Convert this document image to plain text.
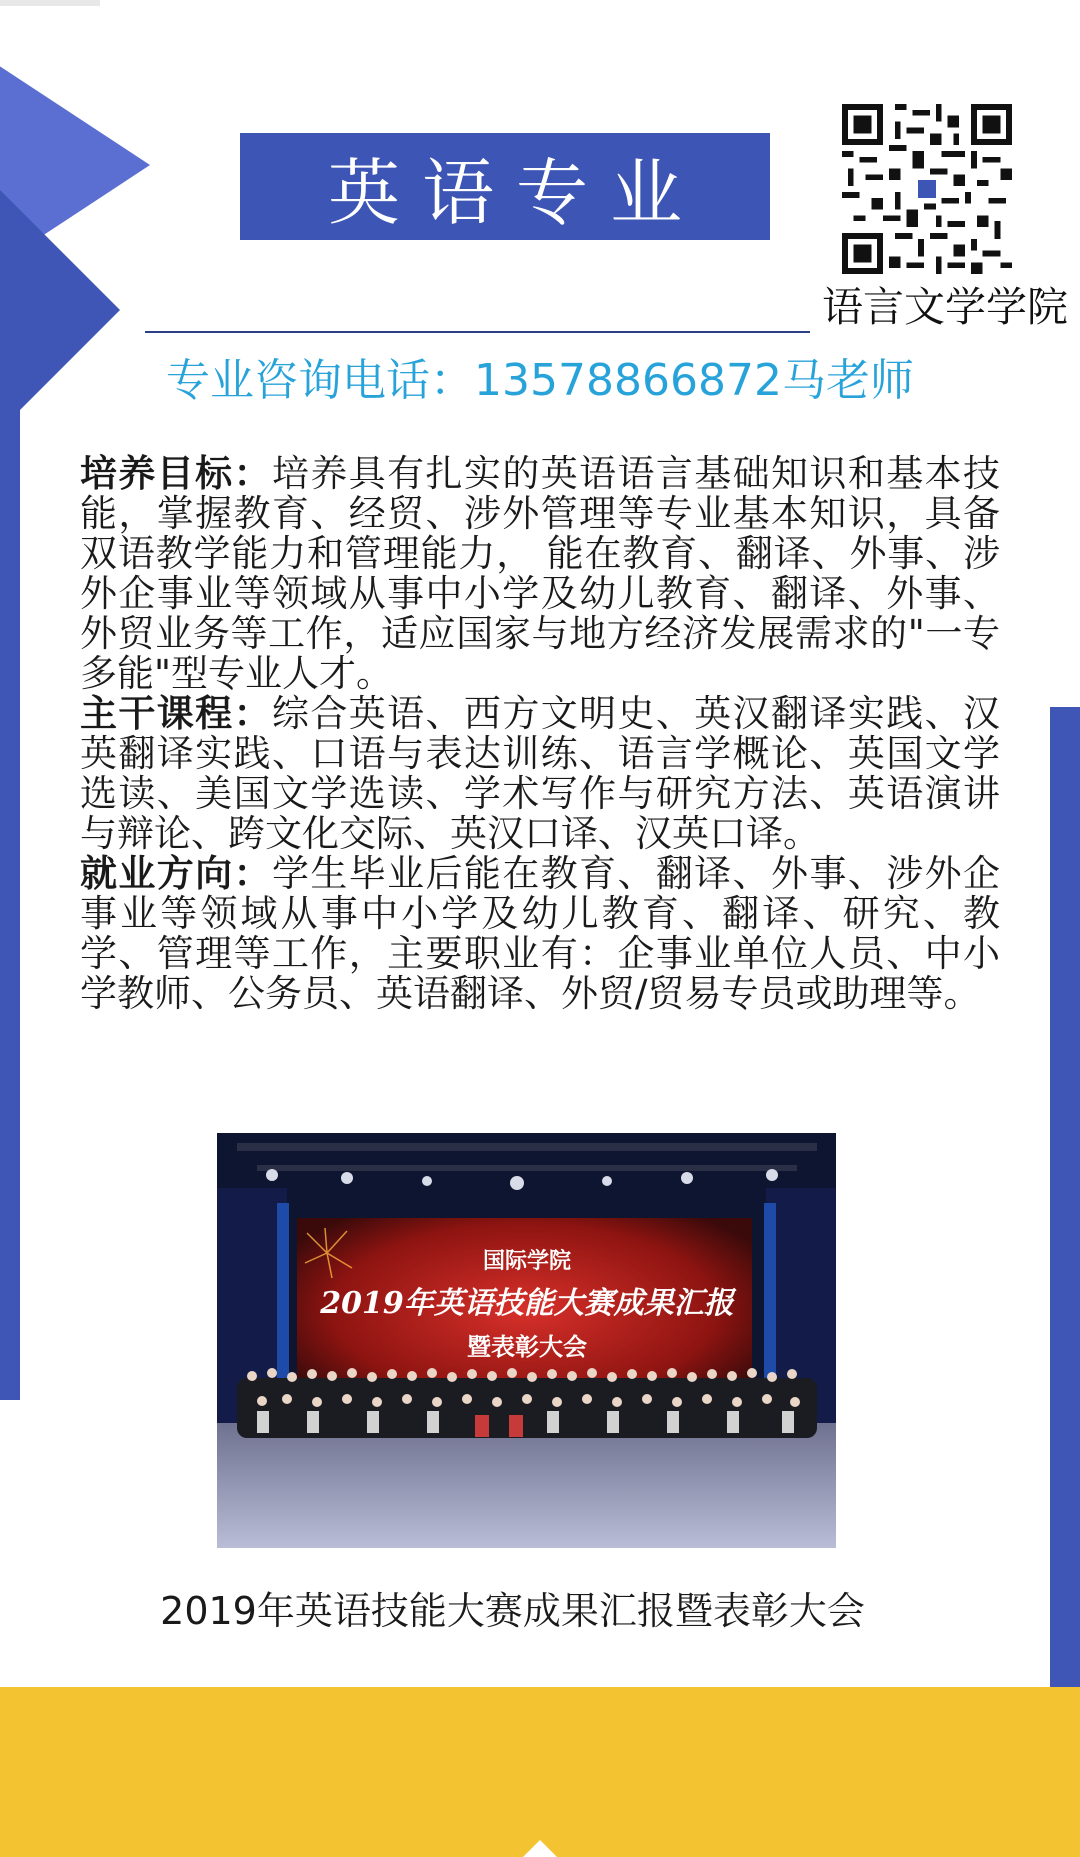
英语专业
语言文学学院
专业咨询电话：13578866872马老师

培养目标：培养具有扎实的英语语言基础知识和基本技能，掌握教育、经贸、涉外管理等专业基本知识，具备双语教学能力和管理能力， 能在教育、翻译、外事、涉外企事业等领域从事中小学及幼儿教育、翻译、外事、外贸业务等工作，适应国家与地方经济发展需求的"一专多能"型专业人才。

主干课程：综合英语、西方文明史、英汉翻译实践、汉英翻译实践、口语与表达训练、语言学概论、英国文学选读、美国文学选读、学术写作与研究方法、英语演讲与辩论、跨文化交际、英汉口译、汉英口译。

就业方向：学生毕业后能在教育、翻译、外事、涉外企事业等领域从事中小学及幼儿教育、翻译、研究、教学、管理等工作，主要职业有：企事业单位人员、中小学教师、公务员、英语翻译、外贸/贸易专员或助理等。

国际学院
2019年英语技能大赛成果汇报
暨表彰大会
2019年英语技能大赛成果汇报暨表彰大会
